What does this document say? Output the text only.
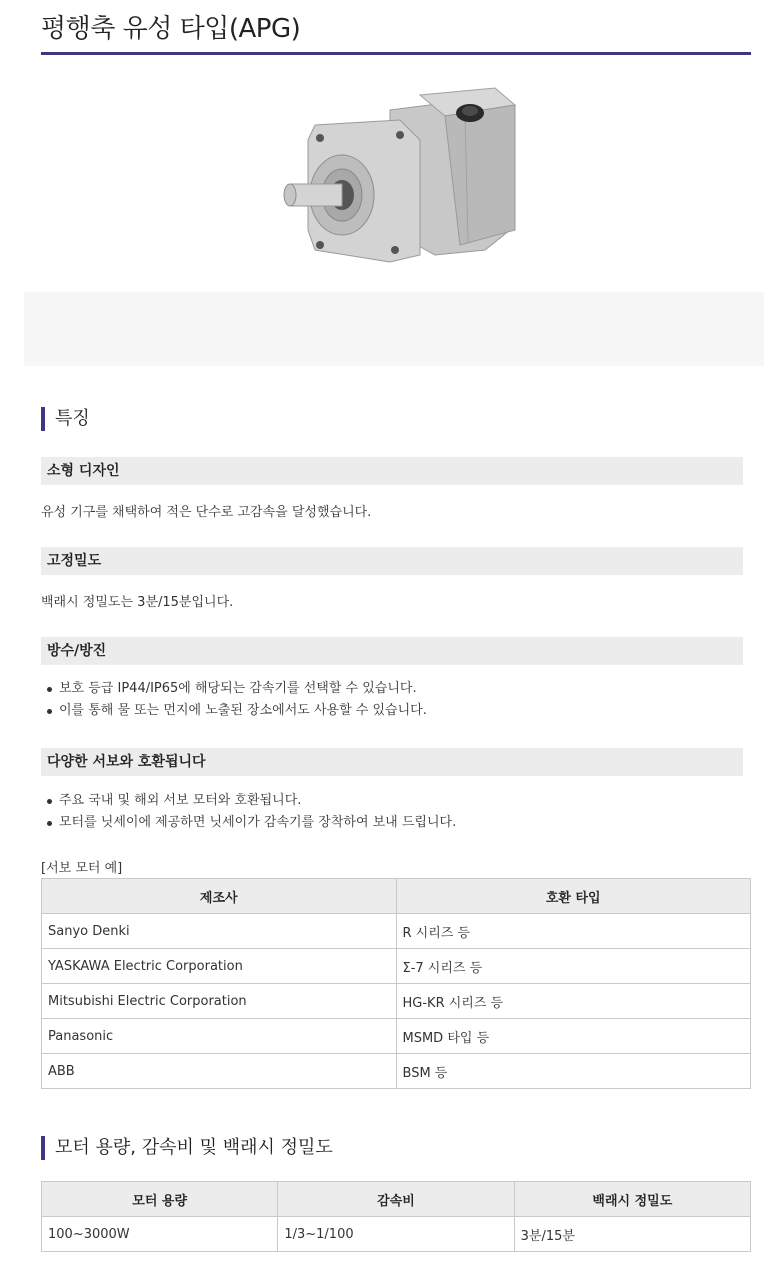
평행축 유성 타입(APG)
특징
소형 디자인

유성 기구를 채택하여 적은 단수로 고감속을 달성했습니다.

고정밀도

백래시 정밀도는 3분/15분입니다.

방수/방진
보호 등급 IP44/IP65에 해당되는 감속기를 선택할 수 있습니다.
이를 통해 물 또는 먼지에 노출된 장소에서도 사용할 수 있습니다.
다양한 서보와 호환됩니다
주요 국내 및 해외 서보 모터와 호환됩니다.
모터를 닛세이에 제공하면 닛세이가 감속기를 장착하여 보내 드립니다.

[서보 모터 예]

제조사	호환 타입
Sanyo Denki	R 시리즈 등
YASKAWA Electric Corporation	Σ-7 시리즈 등
Mitsubishi Electric Corporation	HG-KR 시리즈 등
Panasonic	MSMD 타입 등
ABB	BSM 등
모터 용량, 감속비 및 백래시 정밀도
모터 용량	감속비	백래시 정밀도
100~3000W	1/3~1/100	3분/15분
